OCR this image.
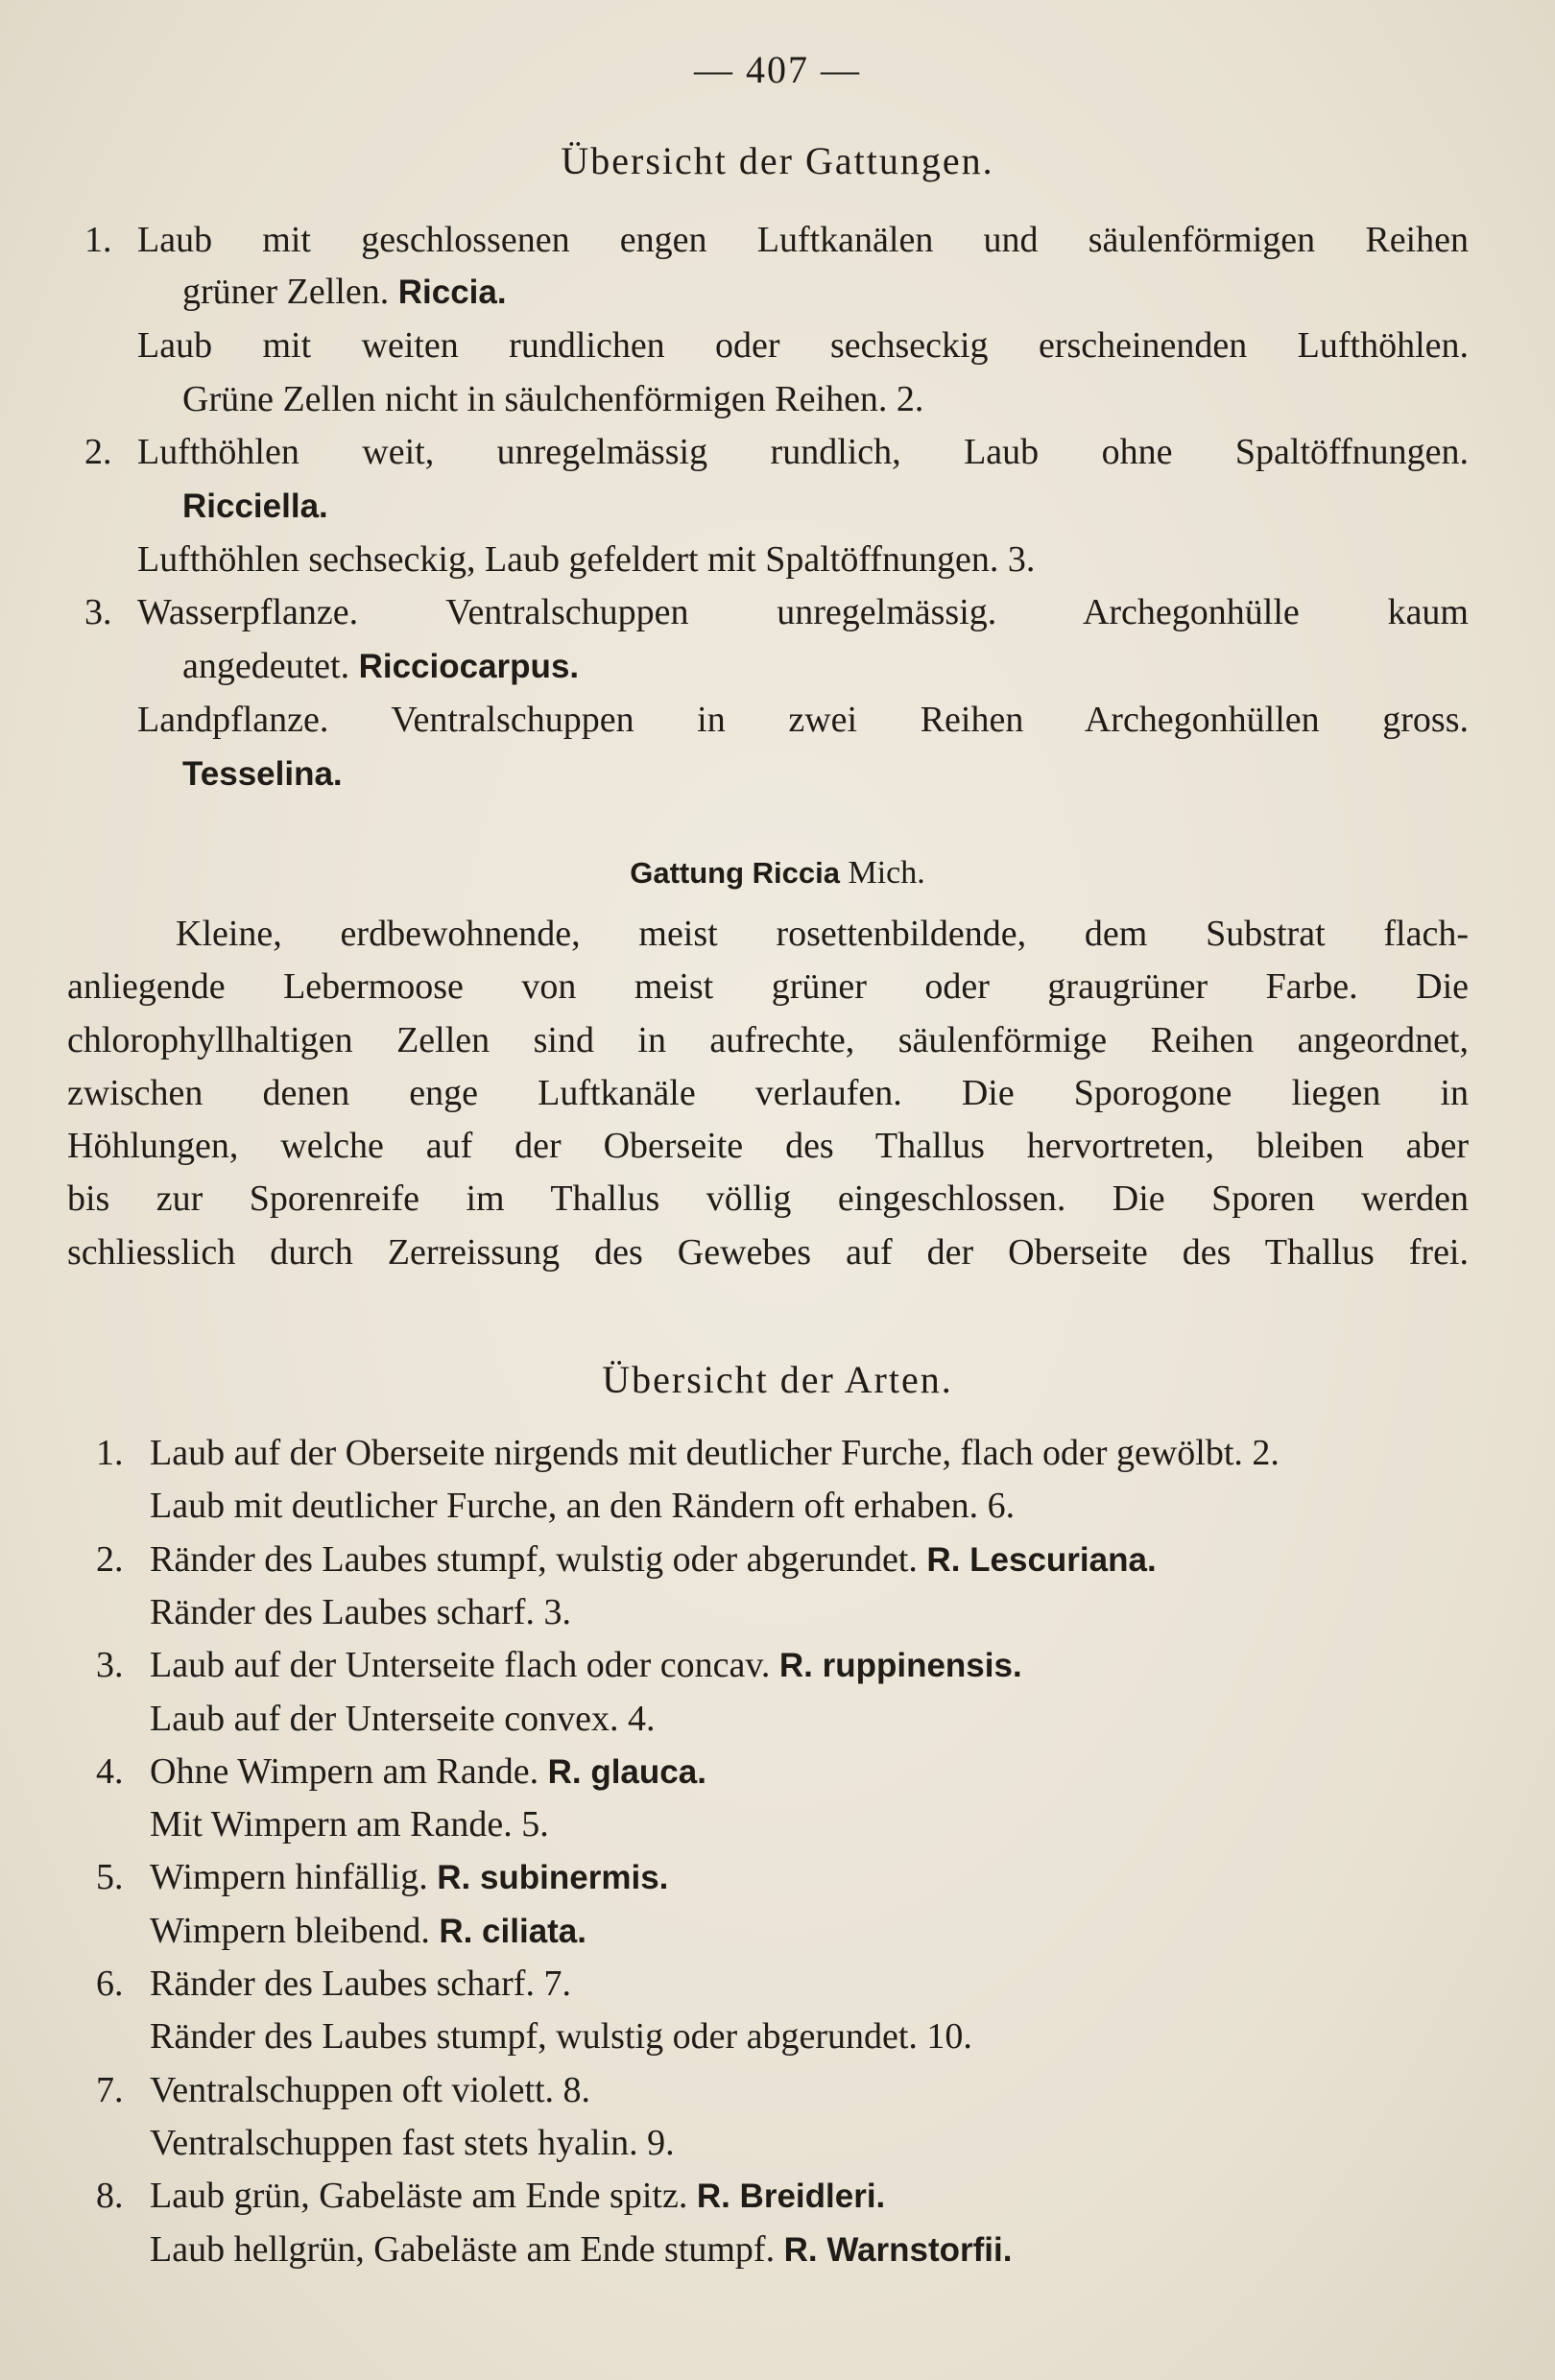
— 407 —
Übersicht der Gattungen.
1. Laub mit geschlossenen engen Luftkanälen und säulenförmigen Reihen
grüner Zellen. Riccia.
Laub mit weiten rundlichen oder sechseckig erscheinenden Lufthöhlen.
Grüne Zellen nicht in säulchenförmigen Reihen. 2.
2. Lufthöhlen weit, unregelmässig rundlich, Laub ohne Spaltöffnungen.
Ricciella.
Lufthöhlen sechseckig, Laub gefeldert mit Spaltöffnungen. 3.
3. Wasserpflanze. Ventralschuppen unregelmässig. Archegonhülle kaum
angedeutet. Ricciocarpus.
Landpflanze. Ventralschuppen in zwei Reihen Archegonhüllen gross.
Tesselina.
Gattung Riccia Mich.
Kleine, erdbewohnende, meist rosettenbildende, dem Substrat flach-
anliegende Lebermoose von meist grüner oder graugrüner Farbe. Die
chlorophyllhaltigen Zellen sind in aufrechte, säulenförmige Reihen angeordnet,
zwischen denen enge Luftkanäle verlaufen. Die Sporogone liegen in
Höhlungen, welche auf der Oberseite des Thallus hervortreten, bleiben aber
bis zur Sporenreife im Thallus völlig eingeschlossen. Die Sporen werden
schliesslich durch Zerreissung des Gewebes auf der Oberseite des Thallus frei.
Übersicht der Arten.
1. Laub auf der Oberseite nirgends mit deutlicher Furche, flach oder gewölbt. 2.
Laub mit deutlicher Furche, an den Rändern oft erhaben. 6.
2. Ränder des Laubes stumpf, wulstig oder abgerundet. R. Lescuriana.
Ränder des Laubes scharf. 3.
3. Laub auf der Unterseite flach oder concav. R. ruppinensis.
Laub auf der Unterseite convex. 4.
4. Ohne Wimpern am Rande. R. glauca.
Mit Wimpern am Rande. 5.
5. Wimpern hinfällig. R. subinermis.
Wimpern bleibend. R. ciliata.
6. Ränder des Laubes scharf. 7.
Ränder des Laubes stumpf, wulstig oder abgerundet. 10.
7. Ventralschuppen oft violett. 8.
Ventralschuppen fast stets hyalin. 9.
8. Laub grün, Gabeläste am Ende spitz. R. Breidleri.
Laub hellgrün, Gabeläste am Ende stumpf. R. Warnstorfii.
